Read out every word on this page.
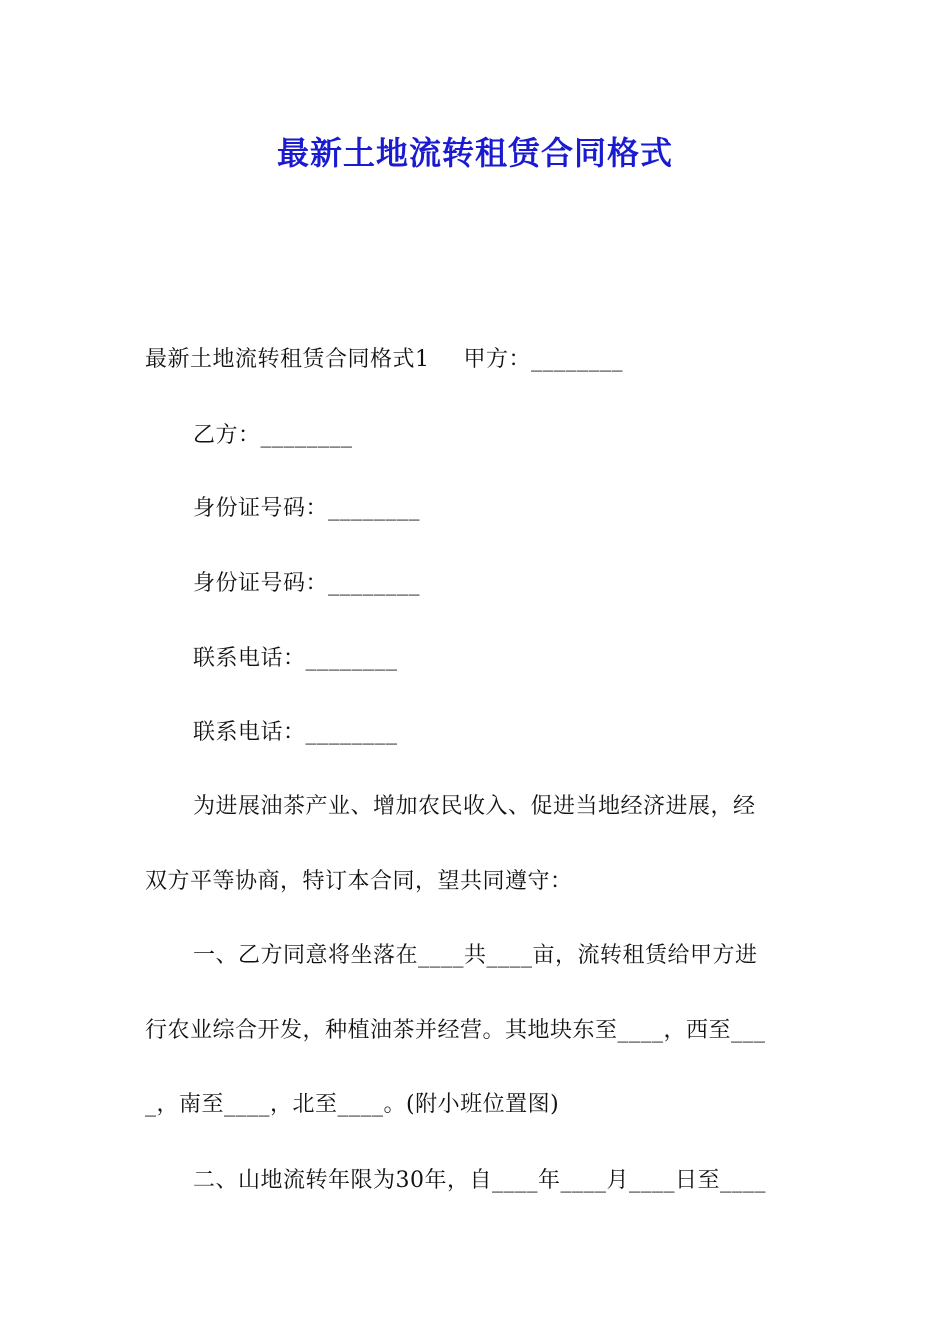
最新土地流转租赁合同格式
最新土地流转租赁合同格式1 甲方：________
乙方：________
身份证号码：________
身份证号码：________
联系电话：________
联系电话：________
为进展油茶产业、增加农民收入、促进当地经济进展，经
双方平等协商，特订本合同，望共同遵守：
一、乙方同意将坐落在____共____亩，流转租赁给甲方进
行农业综合开发，种植油茶并经营。其地块东至____，西至___
_，南至____，北至____。(附小班位置图)
二、山地流转年限为30年，自____年____月____日至____
